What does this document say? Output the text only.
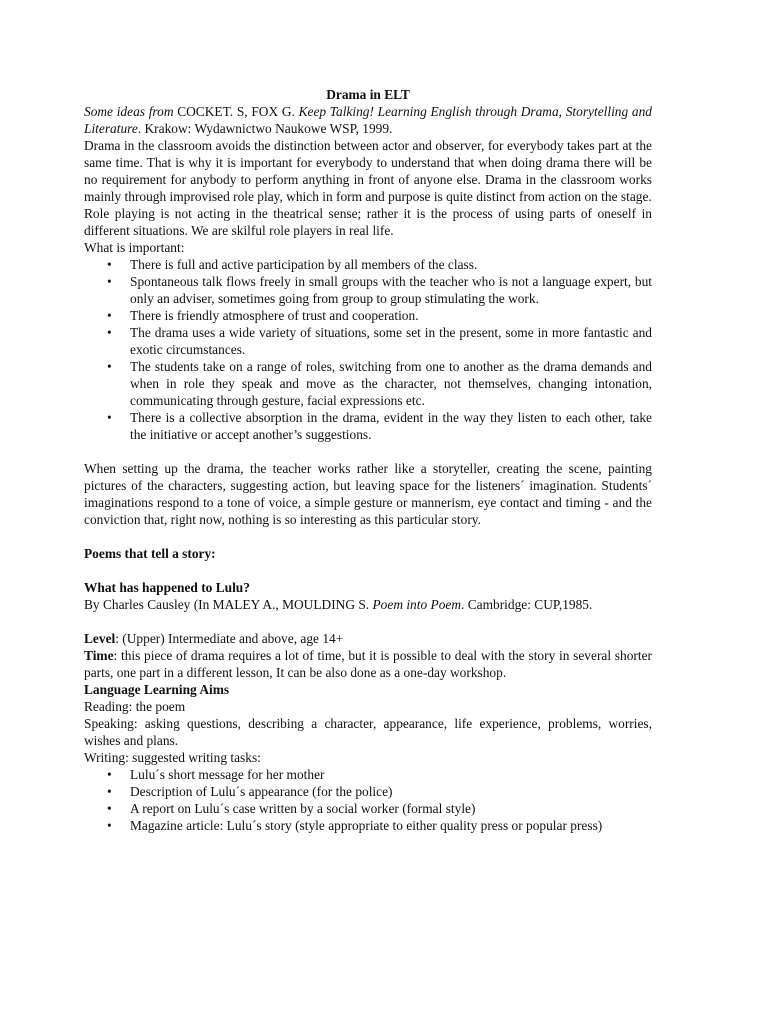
Drama in ELT

Some ideas from COCKET. S, FOX G. Keep Talking! Learning English through Drama, Storytelling and Literature. Krakow: Wydawnictwo Naukowe WSP, 1999.

Drama in the classroom avoids the distinction between actor and observer, for everybody takes part at the same time. That is why it is important for everybody to understand that when doing drama there will be no requirement for anybody to perform anything in front of anyone else. Drama in the classroom works mainly through improvised role play, which in form and purpose is quite distinct from action on the stage.

Role playing is not acting in the theatrical sense; rather it is the process of using parts of oneself in different situations. We are skilful role players in real life.

What is important:

• There is full and active participation by all members of the class.
• Spontaneous talk flows freely in small groups with the teacher who is not a language expert, but only an adviser, sometimes going from group to group stimulating the work.
• There is friendly atmosphere of trust and cooperation.
• The drama uses a wide variety of situations, some set in the present, some in more fantastic and exotic circumstances.
• The students take on a range of roles, switching from one to another as the drama demands and when in role they speak and move as the character, not themselves, changing intonation, communicating through gesture, facial expressions etc.
• There is a collective absorption in the drama, evident in the way they listen to each other, take the initiative or accept another’s suggestions.

When setting up the drama, the teacher works rather like a storyteller, creating the scene, painting pictures of the characters, suggesting action, but leaving space for the listeners´ imagination. Students´ imaginations respond to a tone of voice, a simple gesture or mannerism, eye contact and timing - and the conviction that, right now, nothing is so interesting as this particular story.

Poems that tell a story:

What has happened to Lulu?

By Charles Causley (In MALEY A., MOULDING S. Poem into Poem. Cambridge: CUP,1985.

Level: (Upper) Intermediate and above, age 14+

Time: this piece of drama requires a lot of time, but it is possible to deal with the story in several shorter parts, one part in a different lesson, It can be also done as a one-day workshop.

Language Learning Aims

Reading: the poem

Speaking: asking questions, describing a character, appearance, life experience, problems, worries, wishes and plans.

Writing: suggested writing tasks:

• Lulu´s short message for her mother
• Description of Lulu´s appearance (for the police)
• A report on Lulu´s case written by a social worker (formal style)
• Magazine article: Lulu´s story (style appropriate to either quality press or popular press)
